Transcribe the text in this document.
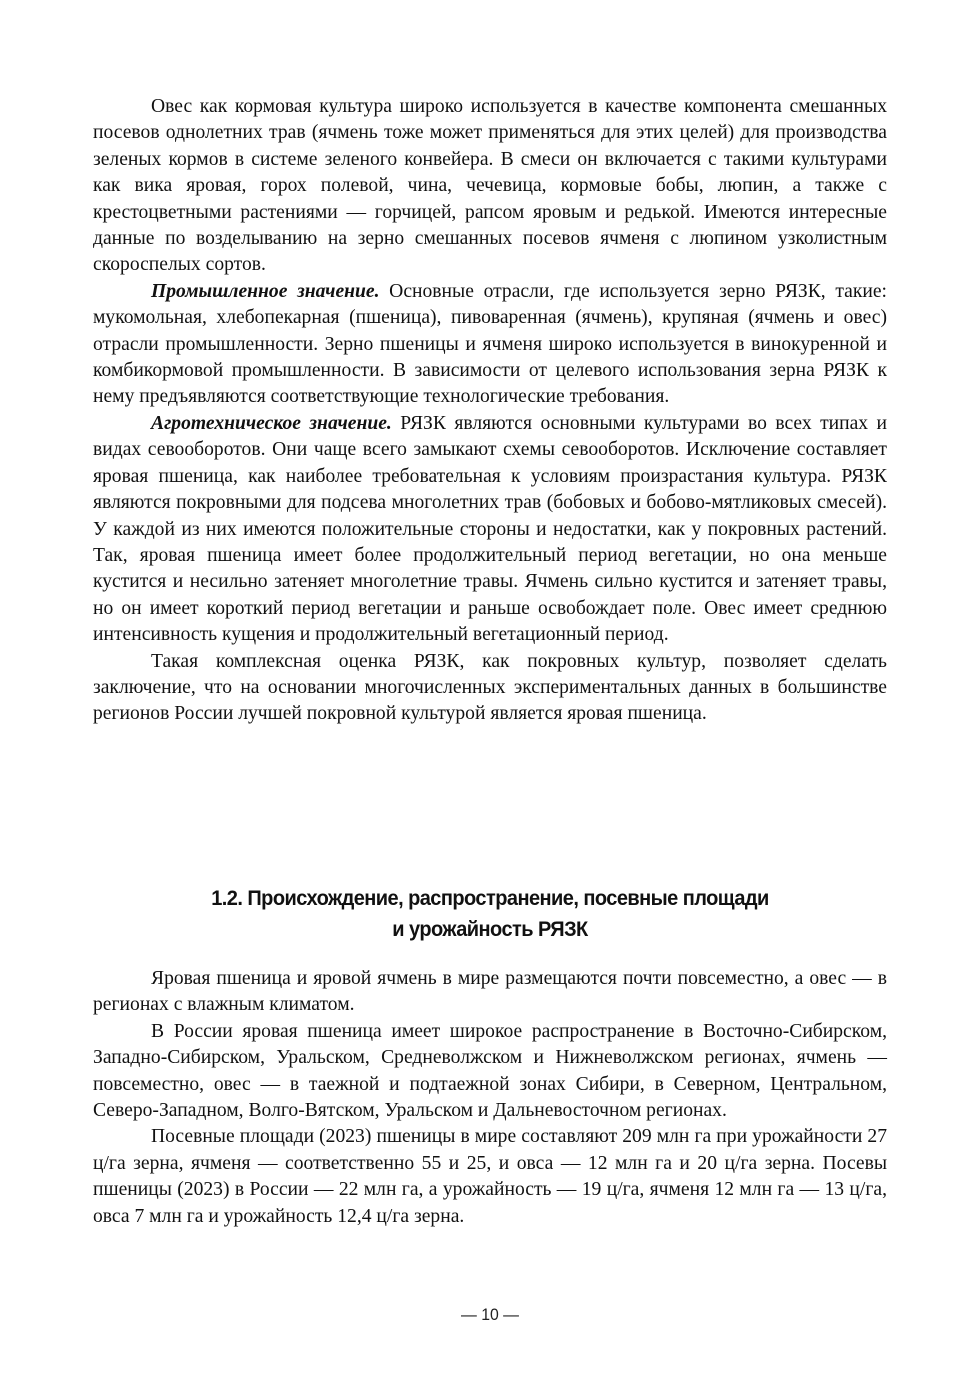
Овес как кормовая культура широко используется в качестве компонента смешанных посевов однолетних трав (ячмень тоже может применяться для этих целей) для производства зеленых кормов в системе зеленого конвейера. В смеси он включается с такими культурами как вика яровая, горох полевой, чина, чечевица, кормовые бобы, люпин, а также с крестоцветными растениями — горчицей, рапсом яровым и редькой. Имеются интересные данные по возделыванию на зерно смешанных посевов ячменя с люпином узколистным скороспелых сортов.

Промышленное значение. Основные отрасли, где используется зерно РЯЗК, такие: мукомольная, хлебопекарная (пшеница), пивоваренная (ячмень), крупяная (ячмень и овес) отрасли промышленности. Зерно пшеницы и ячменя широко используется в винокуренной и комбикормовой промышленности. В зависимости от целевого использования зерна РЯЗК к нему предъявляются соответствующие технологические требования.

Агротехническое значение. РЯЗК являются основными культурами во всех типах и видах севооборотов. Они чаще всего замыкают схемы севооборотов. Исключение составляет яровая пшеница, как наиболее требовательная к условиям произрастания культура. РЯЗК являются покровными для подсева многолетних трав (бобовых и бобово-мятликовых смесей). У каждой из них имеются положительные стороны и недостатки, как у покровных растений. Так, яровая пшеница имеет более продолжительный период вегетации, но она меньше кустится и несильно затеняет многолетние травы. Ячмень сильно кустится и затеняет травы, но он имеет короткий период вегетации и раньше освобождает поле. Овес имеет среднюю интенсивность кущения и продолжительный вегетационный период.

Такая комплексная оценка РЯЗК, как покровных культур, позволяет сделать заключение, что на основании многочисленных экспериментальных данных в большинстве регионов России лучшей покровной культурой является яровая пшеница.

1.2. Происхождение, распространение, посевные площади
и урожайность РЯЗК

Яровая пшеница и яровой ячмень в мире размещаются почти повсеместно, а овес — в регионах с влажным климатом.

В России яровая пшеница имеет широкое распространение в Восточно-Сибирском, Западно-Сибирском, Уральском, Средневолжском и Нижневолжском регионах, ячмень — повсеместно, овес — в таежной и подтаежной зонах Сибири, в Северном, Центральном, Северо-Западном, Волго-Вятском, Уральском и Дальневосточном регионах.

Посевные площади (2023) пшеницы в мире составляют 209 млн га при урожайности 27 ц/га зерна, ячменя — соответственно 55 и 25, и овса — 12 млн га и 20 ц/га зерна. Посевы пшеницы (2023) в России — 22 млн га, а урожайность — 19 ц/га, ячменя 12 млн га — 13 ц/га, овса 7 млн га и урожайность 12,4 ц/га зерна.

— 10 —
